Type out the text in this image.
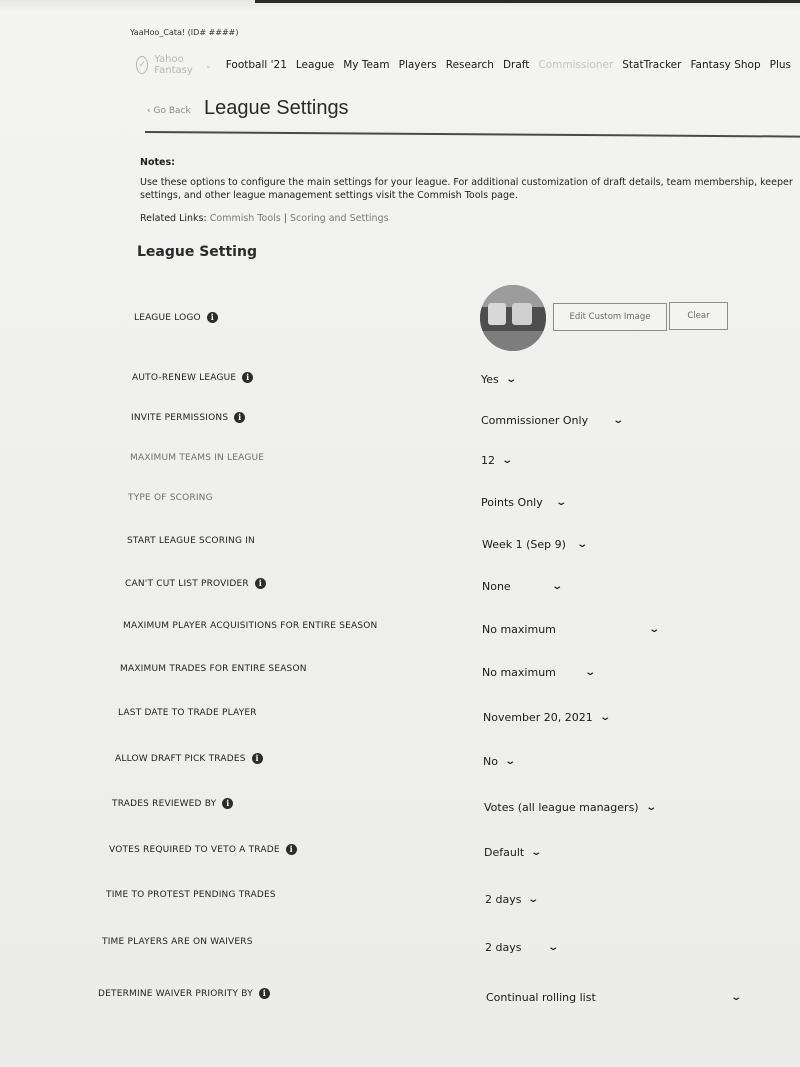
YaaHoo_Cata! (ID# ####)
✓ Yahoo Fantasy	⌄ Football '21 League My Team Players Research Draft Commissioner StatTracker Fantasy Shop Plus
‹ Go Back League Settings
Notes:
Use these options to configure the main settings for your league. For additional customization of draft details, team membership, keeper
settings, and other league management settings visit the Commish Tools page.
Related Links: Commish Tools | Scoring and Settings
League Setting
LEAGUE LOGO	i	Edit Custom Image	Clear
AUTO-RENEW LEAGUE	i	Yes ⌄
INVITE PERMISSIONS	i	Commissioner Only ⌄
MAXIMUM TEAMS IN LEAGUE	12 ⌄
TYPE OF SCORING	Points Only ⌄
START LEAGUE SCORING IN	Week 1 (Sep 9) ⌄
CAN'T CUT LIST PROVIDER	i	None	⌄
MAXIMUM PLAYER ACQUISITIONS FOR ENTIRE SEASON	No maximum	⌄
MAXIMUM TRADES FOR ENTIRE SEASON	No maximum	⌄
LAST DATE TO TRADE PLAYER	November 20, 2021 ⌄
ALLOW DRAFT PICK TRADES	i	No ⌄
TRADES REVIEWED BY	i	Votes (all league managers) ⌄
VOTES REQUIRED TO VETO A TRADE	i	Default ⌄
TIME TO PROTEST PENDING TRADES	2 days ⌄
TIME PLAYERS ARE ON WAIVERS	2 days	⌄
DETERMINE WAIVER PRIORITY BY	i	Continual rolling list	⌄
